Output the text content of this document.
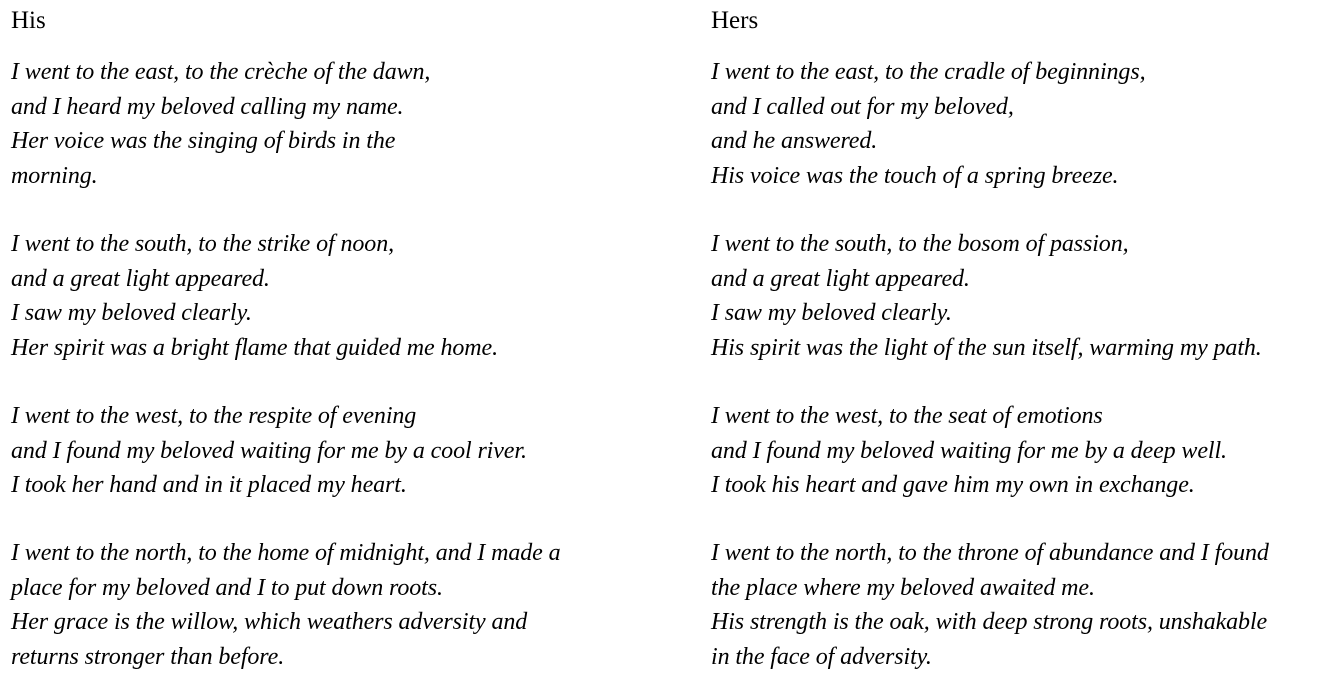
His
I went to the east, to the crèche of the dawn,
and I heard my beloved calling my name.
Her voice was the singing of birds in the
morning.
I went to the south, to the strike of noon,
and a great light appeared.
I saw my beloved clearly.
Her spirit was a bright flame that guided me home.
I went to the west, to the respite of evening
and I found my beloved waiting for me by a cool river.
I took her hand and in it placed my heart.
I went to the north, to the home of midnight, and I made a
place for my beloved and I to put down roots.
Her grace is the willow, which weathers adversity and
returns stronger than before.
Hers
I went to the east, to the cradle of beginnings,
and I called out for my beloved,
and he answered.
His voice was the touch of a spring breeze.
I went to the south, to the bosom of passion,
and a great light appeared.
I saw my beloved clearly.
His spirit was the light of the sun itself, warming my path.
I went to the west, to the seat of emotions
and I found my beloved waiting for me by a deep well.
I took his heart and gave him my own in exchange.
I went to the north, to the throne of abundance and I found
the place where my beloved awaited me.
His strength is the oak, with deep strong roots, unshakable
in the face of adversity.
